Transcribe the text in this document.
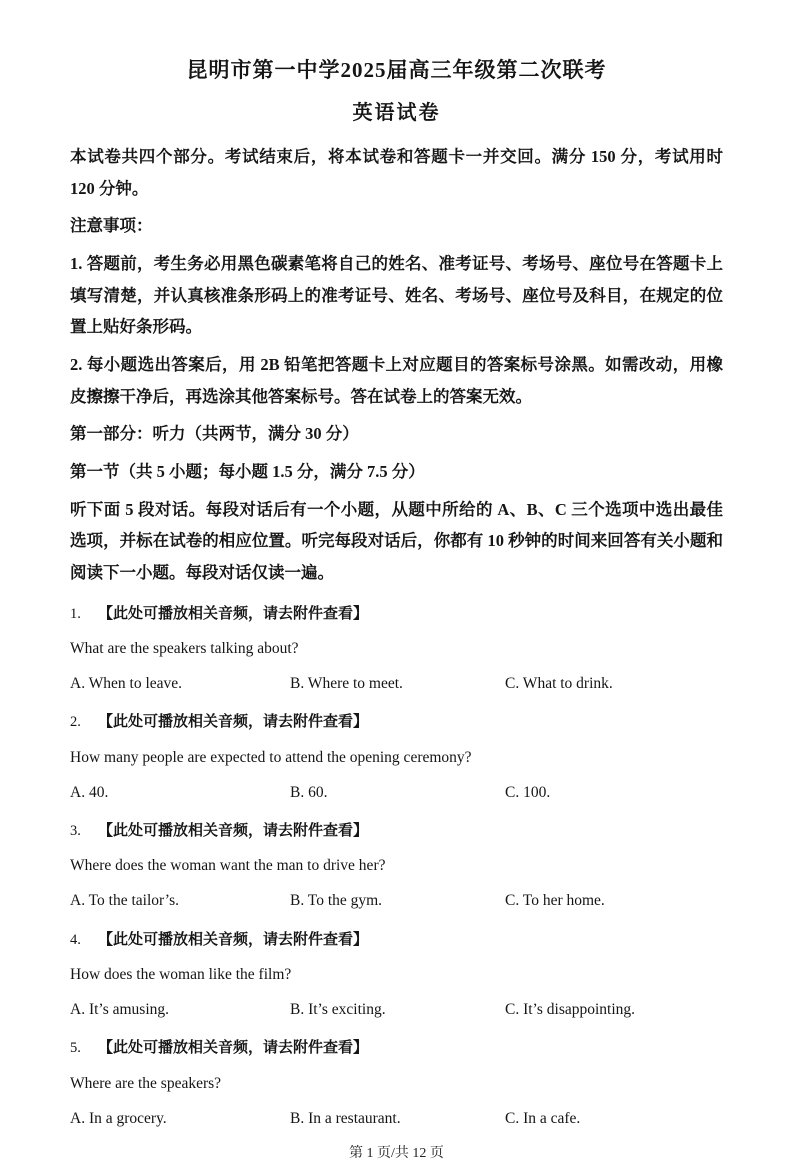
昆明市第一中学2025届高三年级第二次联考
英语试卷
本试卷共四个部分。考试结束后，将本试卷和答题卡一并交回。满分 150 分，考试用时 120 分钟。
注意事项：
1. 答题前，考生务必用黑色碳素笔将自己的姓名、准考证号、考场号、座位号在答题卡上填写清楚，并认真核准条形码上的准考证号、姓名、考场号、座位号及科目，在规定的位置上贴好条形码。
2. 每小题选出答案后，用 2B 铅笔把答题卡上对应题目的答案标号涂黑。如需改动，用橡皮擦擦干净后，再选涂其他答案标号。答在试卷上的答案无效。
第一部分：听力（共两节，满分 30 分）
第一节（共 5 小题；每小题 1.5 分，满分 7.5 分）
听下面 5 段对话。每段对话后有一个小题，从题中所给的 A、B、C 三个选项中选出最佳选项，并标在试卷的相应位置。听完每段对话后，你都有 10 秒钟的时间来回答有关小题和阅读下一小题。每段对话仅读一遍。
1. 【此处可播放相关音频，请去附件查看】
What are the speakers talking about?
A. When to leave.	B. Where to meet.	C. What to drink.
2. 【此处可播放相关音频，请去附件查看】
How many people are expected to attend the opening ceremony?
A. 40.	B. 60.	C. 100.
3. 【此处可播放相关音频，请去附件查看】
Where does the woman want the man to drive her?
A. To the tailor’s.	B. To the gym.	C. To her home.
4. 【此处可播放相关音频，请去附件查看】
How does the woman like the film?
A. It’s amusing.	B. It’s exciting.	C. It’s disappointing.
5. 【此处可播放相关音频，请去附件查看】
Where are the speakers?
A. In a grocery.	B. In a restaurant.	C. In a cafe.
第 1 页/共 12 页
